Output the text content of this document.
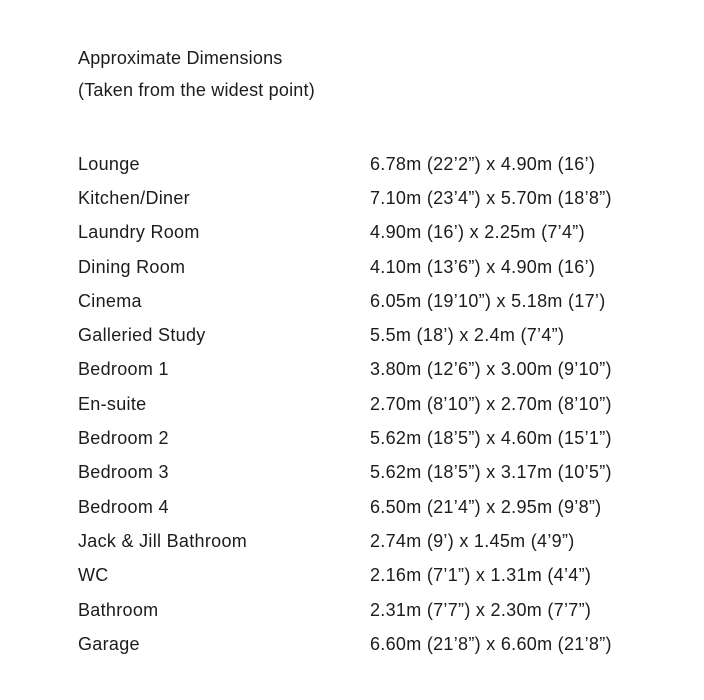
Approximate Dimensions
(Taken from the widest point)
Lounge	6.78m (22’2”) x 4.90m (16’)
Kitchen/Diner	7.10m (23’4”) x 5.70m (18’8”)
Laundry Room	4.90m (16’) x 2.25m (7’4”)
Dining Room	4.10m (13’6”) x 4.90m (16’)
Cinema	6.05m (19’10”) x 5.18m (17’)
Galleried Study	5.5m (18’) x 2.4m (7’4”)
Bedroom 1	3.80m (12’6”) x 3.00m (9’10”)
En-suite	2.70m (8’10”) x 2.70m (8’10”)
Bedroom 2	5.62m (18’5”) x 4.60m (15’1”)
Bedroom 3	5.62m (18’5”) x 3.17m (10’5”)
Bedroom 4	6.50m (21’4”) x 2.95m (9’8”)
Jack & Jill Bathroom	2.74m (9’) x 1.45m (4’9”)
WC	2.16m (7’1”) x 1.31m (4’4”)
Bathroom	2.31m (7’7”) x 2.30m (7’7”)
Garage	6.60m (21’8”) x 6.60m (21’8”)
